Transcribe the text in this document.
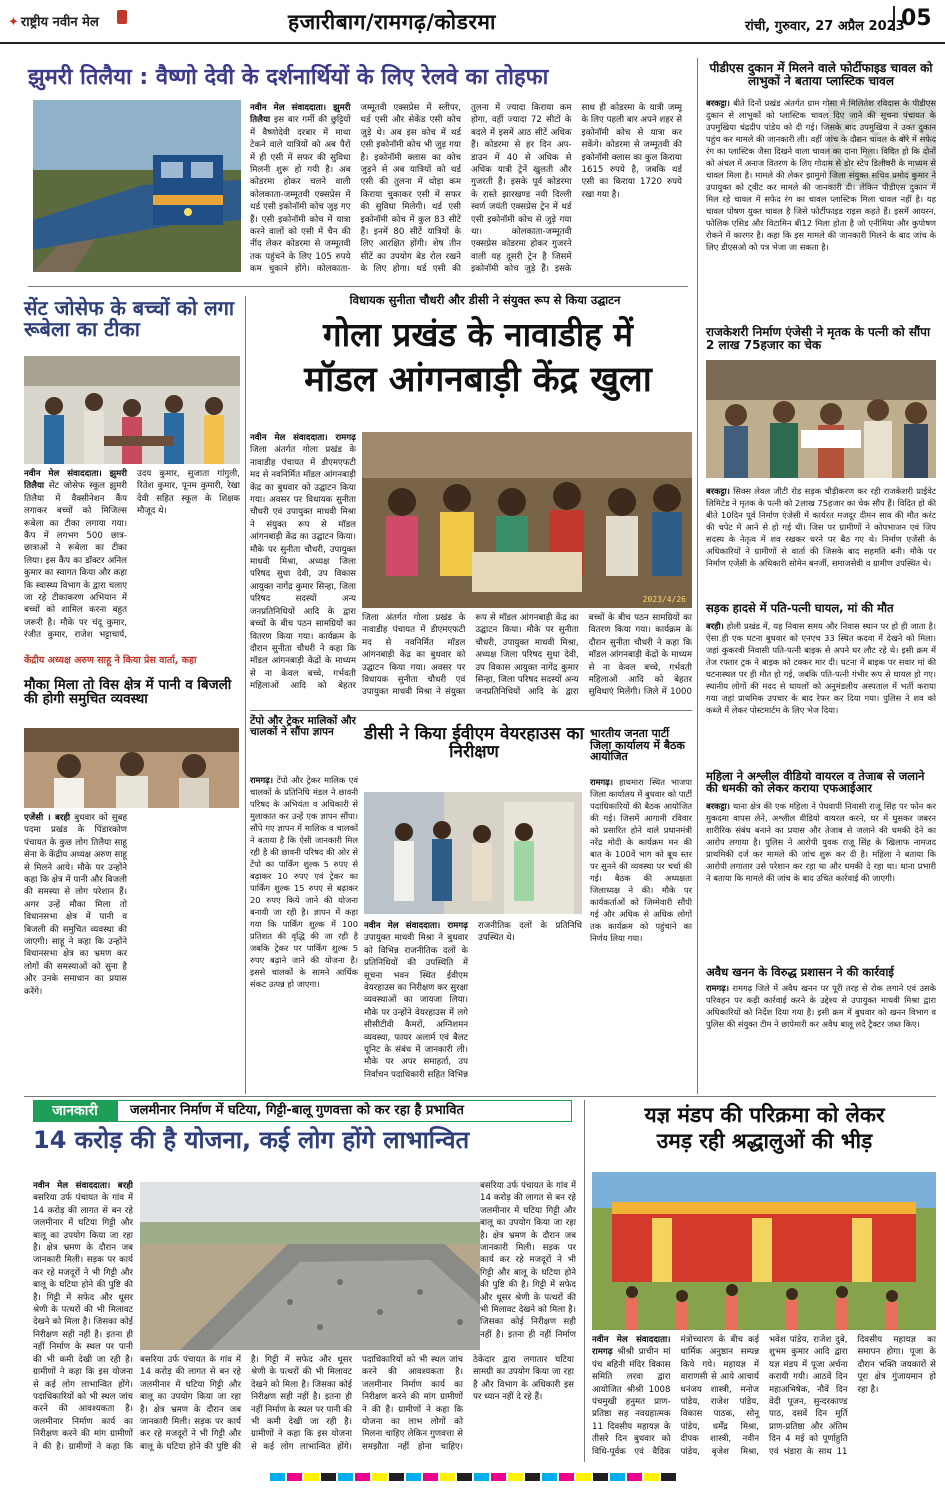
✦ राष्ट्रीय नवीन मेल	हजारीबाग/रामगढ़/कोडरमा	रांची, गुरुवार, 27 अप्रैल 2023
05
झुमरी तिलैया : वैष्णो देवी के दर्शनार्थियों के लिए रेलवे का तोहफा
नवीन मेल संवाददाता। झुमरी तिलैया इस बार गर्मी की छुट्टियों में वैष्णोदेवी दरबार में माथा टेकने वाले यात्रियों को अब पैरों में ही एसी में सफर की सुविधा मिलनी शुरू हो गयी है। अब कोडरमा होकर चलने वाली कोलकाता-जम्मूतवी एक्सप्रेस में थर्ड एसी इकोनॉमी कोच जुड़ गए हैं। एसी इकोनॉमी कोच में यात्रा करने वालों को एसी में चैन की नींद लेकर कोडरमा से जम्मूतवी तक पहुंचने के लिए 105 रुपये कम चुकाने होंगे। कोलकाता-जम्मूतवी एक्सप्रेस में स्लीपर, थर्ड एसी और सेकेंड एसी कोच जुड़े थे। अब इस कोच में थर्ड एसी इकोनॉमी कोच भी जुड़ गया है। इकोनॉमी क्लास का कोच जुड़ने से अब यात्रियों को थर्ड एसी की तुलना में थोड़ा कम किराया चुकाकर एसी में सफर की सुविधा मिलेगी। थर्ड एसी इकोनॉमी कोच में कुल 83 सीटें हैं। इनमें 80 सीटें यात्रियों के लिए आरक्षित होंगी। शेष तीन सीटें का उपयोग बेड रोल रखने के लिए होगा। थर्ड एसी की तुलना में ज्यादा किराया कम होगा, वहीं ज्यादा 72 सीटों के बदले में इसमें आठ सीटें अधिक हैं। कोडरमा से हर दिन अप-डाउन में 40 से अधिक से अधिक यात्री ट्रेनें खुलती और गुजरती हैं। इसके पूर्व कोडरमा के रास्ते झारखण्ड नयी दिल्ली स्वर्ण जयंती एक्सप्रेस ट्रेन में थर्ड एसी इकोनॉमी कोच से जुड़े गया था। कोलकाता-जम्मूतवी एक्सप्रेस कोडरमा होकर गुजरने वाली यह दूसरी ट्रेन है जिसमें इकोनॉमी कोच जुड़े हैं। इसके साथ ही कोडरमा के यात्री जम्मू के लिए पहली बार अपने शहर से इकोनॉमी कोच से यात्रा कर सकेंगे। कोडरमा से जम्मूतवी की इकोनॉमी क्लास का कुल किराया 1615 रुपये है, जबकि थर्ड एसी का किराया 1720 रुपये रखा गया है।
पीडीएस दुकान में मिलने वाले फोर्टीफाइड चावल को लाभुकों ने बताया प्लास्टिक चावल
बरकट्ठा। बीते दिनों प्रखंड अंतर्गत ग्राम गोसा में मिलितेश रविदास के पीडीएस दुकान से लाभुकों को प्लास्टिक चावल दिए जाने की सूचना पंचायत के उपमुखिया चंद्रदीप पांडेय को दी गई। जिसके बाद उपमुखिया ने उक्त दुकान पहुंच कर मामले की जानकारी ली। वहीं जांच के दौरान चावल के बोरे में सफेद रंग का प्लास्टिक जैसा दिखने वाला चावल का दाना मिला। विदित हो कि दोनों को अंचल में अनाज वितरण के लिए गोदाम से डोर स्टेप डिलीवरी के माध्यम से चावल मिला है। मामले की लेकर झामुमो जिला संयुक्त सचिव प्रमोद कुमार ने उपायुक्त को ट्वीट कर मामले की जानकारी दी। लेकिन पीडीएस दुकान में मिल रहे चावल में सफेद रंग का चावल प्लास्टिक मिला चावल नहीं है। यह चावल पोषण युक्त चावल है जिसे फोर्टीफाइड राइस कहते हैं। इसमें आयरन, फोलिक एसिड और विटामिन बी12 मिला होता है जो एनीमिया और कुपोषण रोकने में कारगर है। कहा कि इस मामले की जानकारी मिलने के बाद जांच के लिए डीएसओ को पत्र भेजा जा सकता है।
राजकेशरी निर्माण एंजेसी ने मृतक के पत्नी को सौंपा 2 लाख 75हजार का चेक
बरकट्ठा। सिक्स लेवल जीटी रोड सड़क चौड़ीकरण कर रही राजकेशरी प्राईवेट लिमिटेड ने मृतक के पत्नी को 2लाख 75हजार का चेक सौंप हैं। विदित हो की बीते 10दिन पूर्व निर्माण एंजेसी में कार्यरत मजदूर दीमन साव की मौत करंट की चपेट में आने से हो गई थी। जिस पर ग्रामीणों ने कोपभाजन एवं जिप सदस्य के नेतृत्व में शव रखकर धरने पर बैठ गए थे। निर्माण एजेंसी के अधिकारियों ने ग्रामीणों से वार्ता की जिसके बाद सहमति बनी। मौके पर निर्माण एजेंसी के अधिकारी सोमेन बनर्जी, समाजसेवी व ग्रामीण उपस्थित थे।
सड़क हादसे में पति-पत्नी घायल, मां की मौत
बरही। होली प्रखंड में, यह निवास समय और निवास स्थान पर हो ही जाता है। ऐसा ही एक घटना बुधवार को एनएच 33 स्थित कदवा में देखने को मिला। जहां कुकरवी निवासी पति-पत्नी बाइक से अपने घर लौट रहे थे। इसी क्रम में तेज रफ्तार ट्रक ने बाइक को टक्कर मार दी। घटना में बाइक पर सवार मां की घटनास्थल पर ही मौत हो गई, जबकि पति-पत्नी गंभीर रूप से घायल हो गए। स्थानीय लोगों की मदद से घायलों को अनुमंडलीय अस्पताल में भर्ती कराया गया जहां प्राथमिक उपचार के बाद रेफर कर दिया गया। पुलिस ने शव को कब्जे में लेकर पोस्टमार्टम के लिए भेज दिया।
महिला ने अश्लील वीडियो वायरल व तेजाब से जलाने की धमकी को लेकर कराया एफआईआर
बरकट्ठा। थाना क्षेत्र की एक महिला ने पेघवापी निवासी राजू सिंह पर फोन कर मुकदमा वापस लेने, अश्लील वीडियो वायरल करने, घर में घुसकर जबरन शारीरिक संबंध बनाने का प्रयास और तेजाब से जलाने की धमकी देने का आरोप लगाया है। पुलिस ने आरोपी युवक राजू सिंह के खिलाफ नामजद प्राथमिकी दर्ज कर मामले की जांच शुरू कर दी है। महिला ने बताया कि आरोपी लगातार उसे परेशान कर रहा था और धमकी दे रहा था। थाना प्रभारी ने बताया कि मामले की जांच के बाद उचित कार्रवाई की जाएगी।
अवैध खनन के विरुद्ध प्रशासन ने की कार्रवाई
रामगढ़। रामगढ़ जिले में अवैध खनन पर पूरी तरह से रोक लगाने एवं उसके परिवहन पर कड़ी कार्रवाई करने के उद्देश्य से उपायुक्त माधवी मिश्रा द्वारा अधिकारियों को निर्देश दिया गया है। इसी क्रम में बुधवार को खनन विभाग व पुलिस की संयुक्त टीम ने छापेमारी कर अवैध बालू लदे ट्रैक्टर जब्त किए।
सेंट जोसेफ के बच्चों को लगा रूबेला का टीका
नवीन मेल संवाददाता। झुमरी तिलैया सेंट जोसेफ स्कूल झुमरी तिलैया में वैक्सीनेशन कैंप लगाकर बच्चों को मिजिल्स रूबेला का टीका लगाया गया। कैंप में लगभग 500 छात्र-छात्राओं ने रूबेला का टीका लिया। इस कैंप का डॉक्टर अनिल कुमार का स्वागत किया और कहा कि स्वास्थ्य विभाग के द्वारा चलाए जा रहे टीकाकरण अभियान में बच्चों को शामिल करना बहुत जरूरी है। मौके पर चंदू कुमार, रंजीत कुमार, राजेश भट्टाचार्य, उदय कुमार, सुजाता गांगुली, रितेश कुमार, पूनम कुमारी, रेखा देवी सहित स्कूल के शिक्षक मौजूद थे।
केंद्रीय अध्यक्ष अरुण साहू ने किया प्रेस वार्ता, कहा
मौका मिला तो विस क्षेत्र में पानी व बिजली की होगी समुचित व्यवस्था
एजेंसी । बरही बुधवार को सुबह पदमा प्रखंड के पिंडारकोण पंचायत के कुछ लोग तिलैया साहू सेना के केंद्रीय अध्यक्ष अरुण साहू से मिलने आये। मौके पर उन्होंने कहा कि क्षेत्र में पानी और बिजली की समस्या से लोग परेशान हैं। अगर उन्हें मौका मिला तो विधानसभा क्षेत्र में पानी व बिजली की समुचित व्यवस्था की जाएगी। साहू ने कहा कि उन्होंने विधानसभा क्षेत्र का भ्रमण कर लोगों की समस्याओं को सुना है और उनके समाधान का प्रयास करेंगे।
विधायक सुनीता चौधरी और डीसी ने संयुक्त रूप से किया उद्घाटन
गोला प्रखंड के नावाडीह में
मॉडल आंगनबाड़ी केंद्र खुला
2023/4/26
नवीन मेल संवाददाता। रामगढ़ जिला अंतर्गत गोला प्रखंड के नावाडीह पंचायत में डीएमएफटी मद से नवनिर्मित मॉडल आंगनबाड़ी केंद्र का बुधवार को उद्घाटन किया गया। अवसर पर विधायक सुनीता चौधरी एवं उपायुक्त माधवी मिश्रा ने संयुक्त रूप से मॉडल आंगनबाड़ी केंद्र का उद्घाटन किया। मौके पर सुनीता चौधरी, उपायुक्त माधवी मिश्रा, अध्यक्ष जिला परिषद सुधा देवी, उप विकास आयुक्त नागेंद्र कुमार सिन्हा, जिला परिषद सदस्यों अन्य जनप्रतिनिधियों आदि के द्वारा बच्चों के बीच पठन सामग्रियों का वितरण किया गया। कार्यक्रम के दौरान सुनीता चौधरी ने कहा कि मॉडल आंगनबाड़ी केंद्रों के माध्यम से ना केवल बच्चे, गर्भवती महिलाओं आदि को बेहतर
जिला अंतर्गत गोला प्रखंड के नावाडीह पंचायत में डीएमएफटी मद से नवनिर्मित मॉडल आंगनबाड़ी केंद्र का बुधवार को उद्घाटन किया गया। अवसर पर विधायक सुनीता चौधरी एवं उपायुक्त माधवी मिश्रा ने संयुक्त रूप से मॉडल आंगनबाड़ी केंद्र का उद्घाटन किया। मौके पर सुनीता चौधरी, उपायुक्त माधवी मिश्रा, अध्यक्ष जिला परिषद सुधा देवी, उप विकास आयुक्त नागेंद्र कुमार सिन्हा, जिला परिषद सदस्यों अन्य जनप्रतिनिधियों आदि के द्वारा बच्चों के बीच पठन सामग्रियों का वितरण किया गया। कार्यक्रम के दौरान सुनीता चौधरी ने कहा कि मॉडल आंगनबाड़ी केंद्रों के माध्यम से ना केवल बच्चे, गर्भवती महिलाओं आदि को बेहतर सुविधाएं मिलेंगी। जिले में 1000
टेंपो और ट्रेकर मालिकों और चालकों ने सौंपा ज्ञापन
रामगढ़। टेंपो और ट्रेकर मालिक एवं चालकों के प्रतिनिधि मंडल ने छावनी परिषद के अभियंता व अधिकारी से मुलाकात कर उन्हें एक ज्ञापन सौंपा। सौंपे गए ज्ञापन में मालिक व चालकों ने बताया है कि ऐसी जानकारी मिल रही है की छावनी परिषद की ओर से टेंपो का पार्किंग शुल्क 5 रुपए से बढ़ाकर 10 रुपए एवं ट्रेकर का पार्किंग शुल्क 15 रुपए से बढ़ाकर 20 रुपए किये जाने की योजना बनायी जा रही है। ज्ञापन में कहा गया कि पार्किंग शुल्क में 100 प्रतिशत की वृद्धि की जा रही है जबकि ट्रेकर पर पार्किंग शुल्क 5 रुपए बढ़ाने जाने की योजना है। इससे चालकों के सामने आर्थिक संकट उत्पन्न हो जाएगा।
डीसी ने किया ईवीएम वेयरहाउस का निरीक्षण
नवीन मेल संवाददाता। रामगढ़ उपायुक्त माधवी मिश्रा ने बुधवार को विभिन्न राजनीतिक दलों के प्रतिनिधियों की उपस्थिति में सूचना भवन स्थित ईवीएम वेयरहाउस का निरीक्षण कर सुरक्षा व्यवस्थाओं का जायजा लिया। मौके पर उन्होंने वेयरहाउस में लगे सीसीटीवी कैमरों, अग्निशमन व्यवस्था, फायर अलार्म एवं बैलट यूनिट के संबंध में जानकारी ली। मौके पर अपर समाहर्ता, उप निर्वाचन पदाधिकारी सहित विभिन्न राजनीतिक दलों के प्रतिनिधि उपस्थित थे।
भारतीय जनता पार्टी जिला कार्यालय में बैठक आयोजित
रामगढ़। हाथमारा स्थित भाजपा जिला कार्यालय में बुधवार को पार्टी पदाधिकारियों की बैठक आयोजित की गई। जिसमें आगामी रविवार को प्रसारित होने वाले प्रधानमंत्री नरेंद्र मोदी के कार्यक्रम मन की बात के 100वें भाग को बूथ स्तर पर सुनने की व्यवस्था पर चर्चा की गई। बैठक की अध्यक्षता जिलाध्यक्ष ने की। मौके पर कार्यकर्ताओं को जिम्मेवारी सौंपी गई और अधिक से अधिक लोगों तक कार्यक्रम को पहुंचाने का निर्णय लिया गया।
जानकारी	जलमीनार निर्माण में घटिया, गिट्टी-बालू गुणवत्ता को कर रहा है प्रभावित
14 करोड़ की है योजना, कई लोग होंगे लाभान्वित
नवीन मेल संवाददाता। बरही बसरिया उर्फ पंचायत के गांव में 14 करोड़ की लागत से बन रहे जलमीनार में घटिया गिट्टी और बालू का उपयोग किया जा रहा है। क्षेत्र भ्रमण के दौरान जब जानकारी मिली। सड़क पर कार्य कर रहे मजदूरों ने भी गिट्टी और बालू के घटिया होने की पुष्टि की है। गिट्टी में सफेद और धूसर श्रेणी के पत्थरों की भी मिलावट देखने को मिला है। जिसका कोई निरीक्षण सही नहीं है। इतना ही नहीं निर्माण के स्थल पर पानी की भी कमी देखी जा रही है। ग्रामीणों ने कहा कि इस योजना से कई लोग लाभान्वित होंगे। पदाधिकारियों को भी स्थल जांच करने की आवश्यकता है। जलमीनार निर्माण कार्य का निरीक्षण करने की मांग ग्रामीणों ने की है। ग्रामीणों ने कहा कि
बसरिया उर्फ पंचायत के गांव में 14 करोड़ की लागत से बन रहे जलमीनार में घटिया गिट्टी और बालू का उपयोग किया जा रहा है। क्षेत्र भ्रमण के दौरान जब जानकारी मिली। सड़क पर कार्य कर रहे मजदूरों ने भी गिट्टी और बालू के घटिया होने की पुष्टि की है। गिट्टी में सफेद और धूसर श्रेणी के पत्थरों की भी मिलावट देखने को मिला है। जिसका कोई निरीक्षण सही नहीं है। इतना ही नहीं निर्माण के स्थल पर पानी की भी कमी देखी जा रही है। ग्रामीणों ने कहा कि इस योजना से कई लोग लाभान्वित होंगे। पदाधिकारियों को भी स्थल जांच करने की आवश्यकता है। जलमीनार निर्माण कार्य का निरीक्षण करने की मांग ग्रामीणों ने की है। ग्रामीणों ने कहा कि योजना का लाभ लोगों को मिलना चाहिए लेकिन गुणवत्ता से समझौता नहीं होना चाहिए। ठेकेदार द्वारा लगातार घटिया सामग्री का उपयोग किया जा रहा है और विभाग के अधिकारी इस पर ध्यान नहीं दे रहे हैं।
बसरिया उर्फ पंचायत के गांव में 14 करोड़ की लागत से बन रहे जलमीनार में घटिया गिट्टी और बालू का उपयोग किया जा रहा है। क्षेत्र भ्रमण के दौरान जब जानकारी मिली। सड़क पर कार्य कर रहे मजदूरों ने भी गिट्टी और बालू के घटिया होने की पुष्टि की है। गिट्टी में सफेद और धूसर श्रेणी के पत्थरों की भी मिलावट देखने को मिला है। जिसका कोई निरीक्षण सही नहीं है। इतना ही नहीं निर्माण
यज्ञ मंडप की परिक्रमा को लेकर
उमड़ रही श्रद्धालुओं की भीड़
नवीन मेल संवाददाता। रामगढ़ श्रीश्री प्राचीन मां पंच बहिनी मंदिर विकास समिति लरवा द्वारा आयोजित श्रीश्री 1008 पंचमुखी हनुमत प्राण-प्रतिष्ठा सह नवग्रहात्मक 11 दिवसीय महायज्ञ के तीसरे दिन बुधवार को विधि-पूर्वक एवं वैदिक मंत्रोच्चारण के बीच कई धार्मिक अनुष्ठान सम्पन्न किये गये। महायज्ञ में वाराणसी से आये आचार्य धनंजय शास्त्री, मनोज पांडेय, राजेश पांडेय, विकास पाठक, सोनू पांडेय, धर्मेंद्र मिश्रा, दीपक शास्त्री, नवीन पांडेय, बृजेश मिश्रा, भवेश पांडेय, राजेश दुबे, शुभम कुमार आदि द्वारा यज्ञ मंडप में पूजा अर्चना करायी गयी। आठवें दिन महाअभिषेक, नौवें दिन वेदी पूजन, सुन्दरकाण्ड पाठ, दसवें दिन मूर्ति प्राण-प्रतिष्ठा और अंतिम दिन 4 मई को पूर्णाहुति एवं भंडारा के साथ 11 दिवसीय महायज्ञ का समापन होगा। पूजा के दौरान भक्ति जयकारों से पूरा क्षेत्र गुंजायमान हो रहा है।
